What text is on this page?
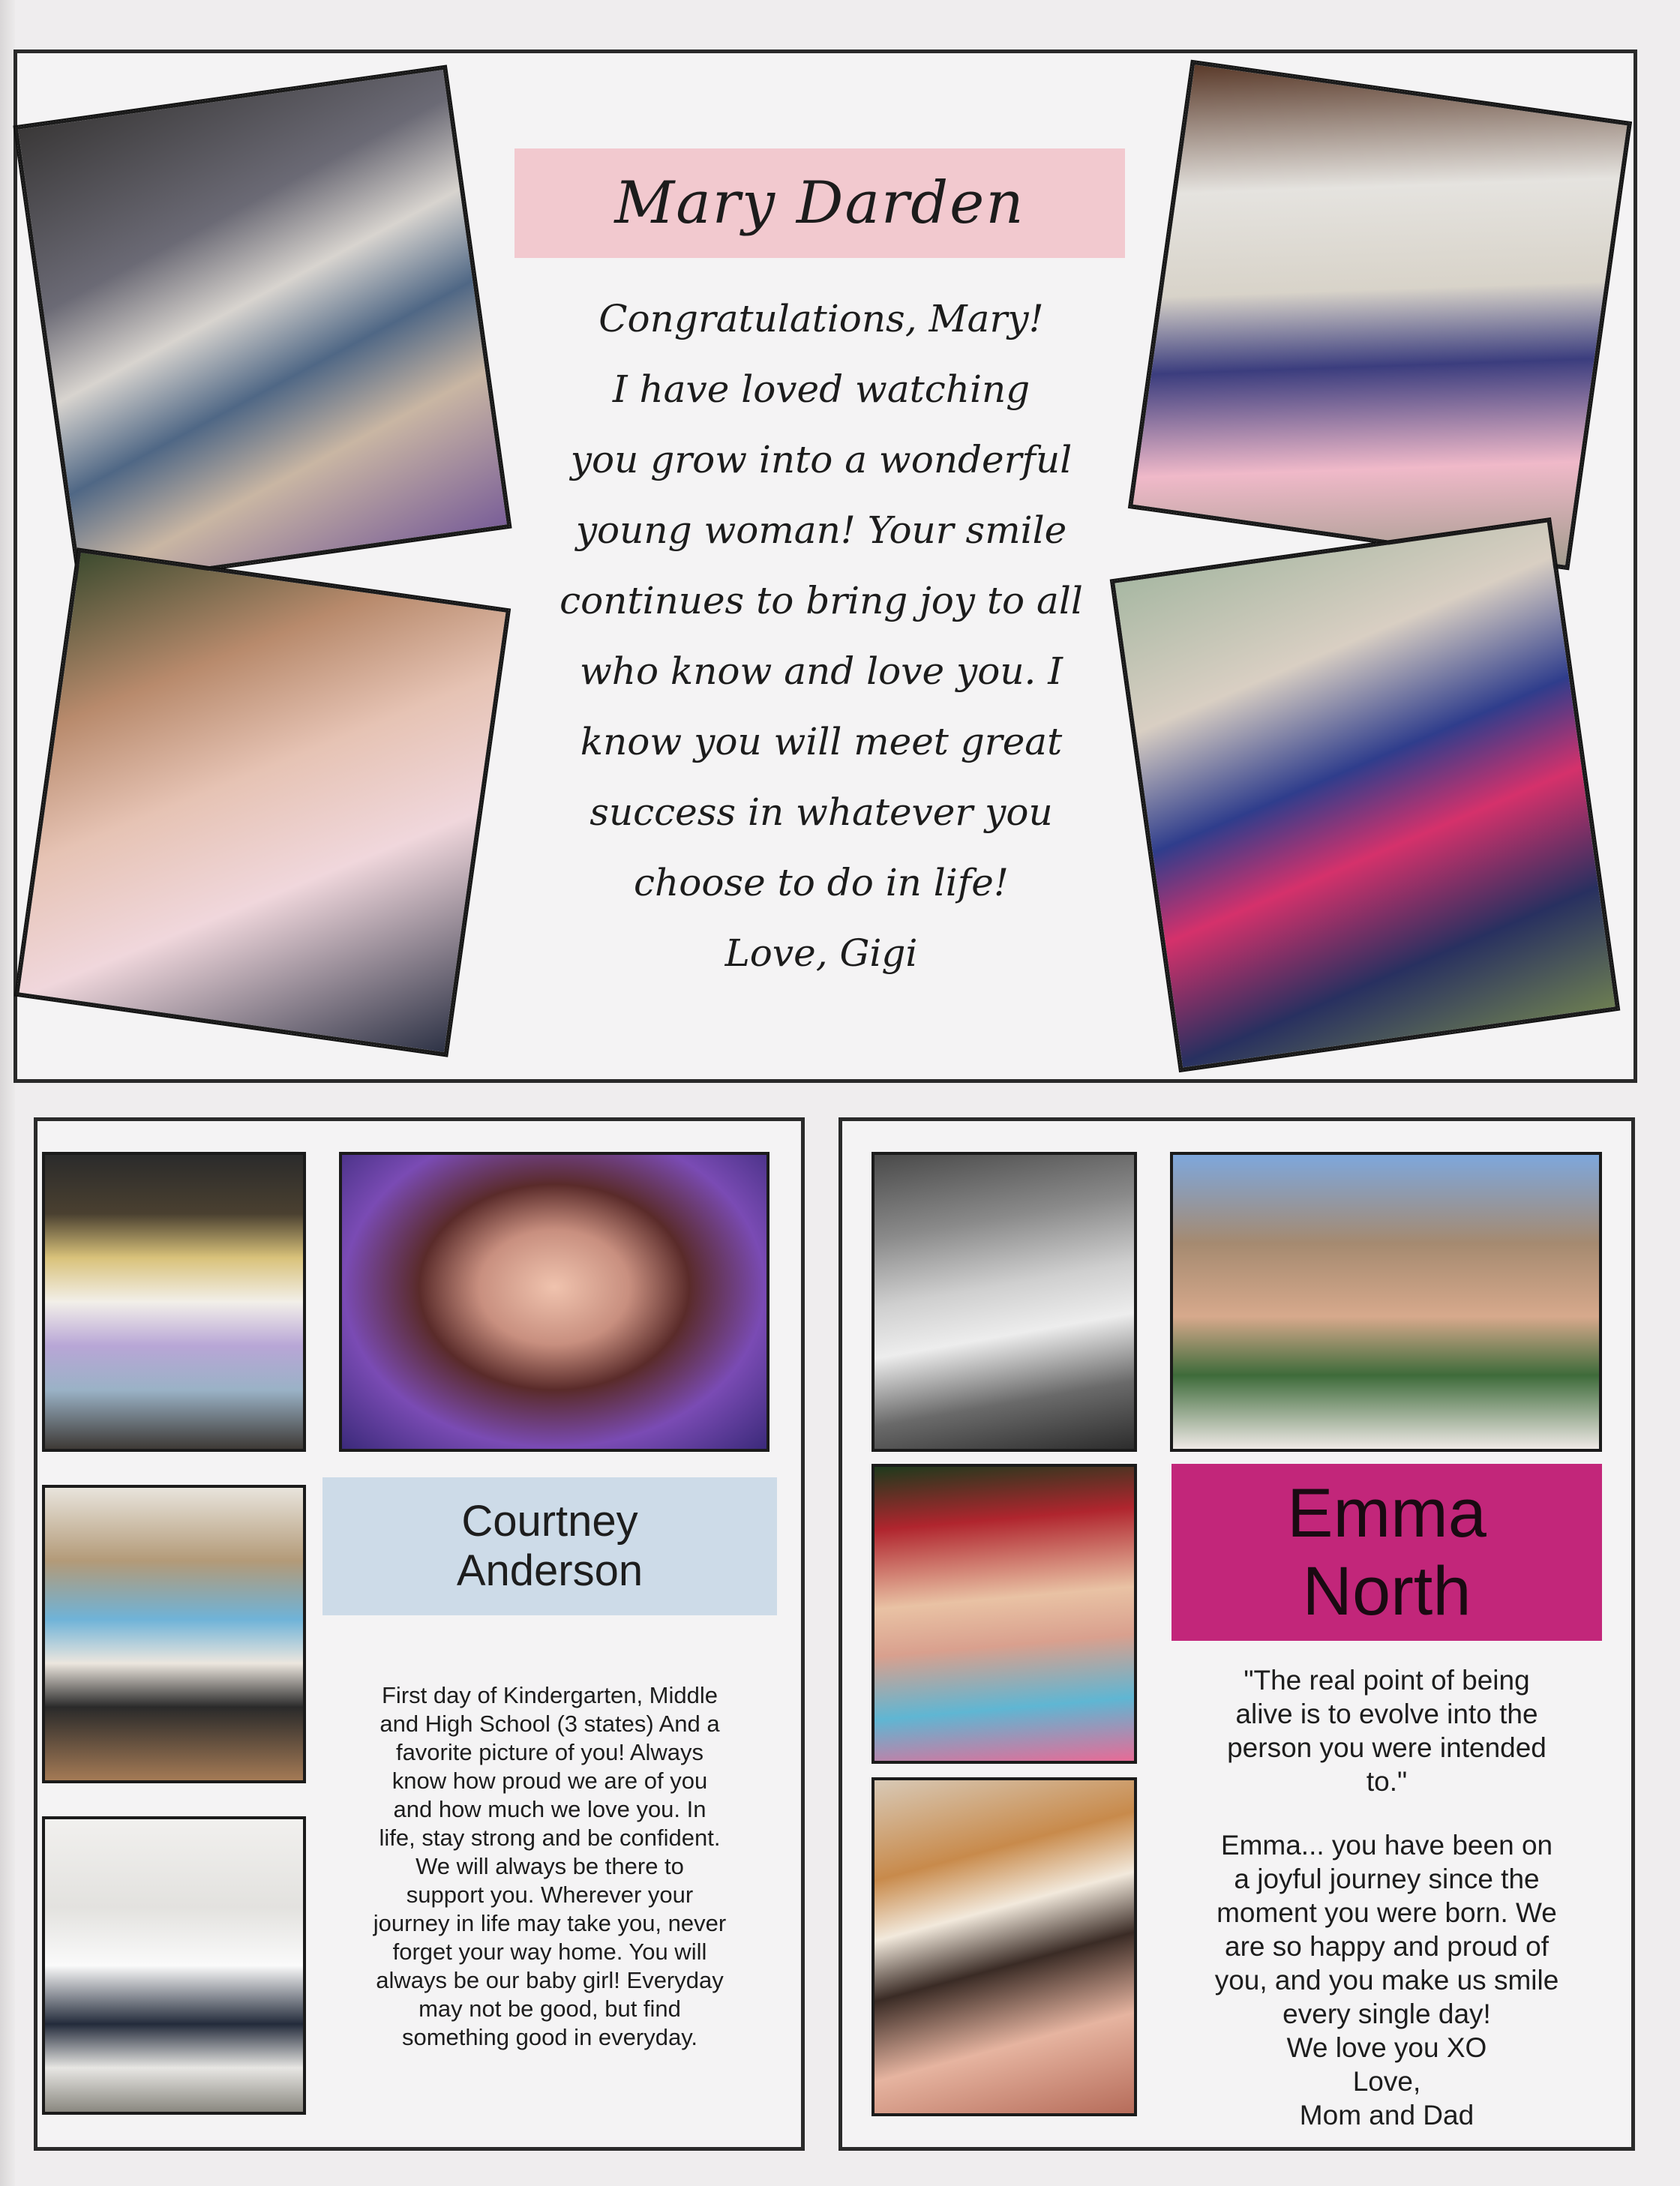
Mary Darden
Congratulations, Mary!
I have loved watching
you grow into a wonderful
young woman! Your smile
continues to bring joy to all
who know and love you. I
know you will meet great
success in whatever you
choose to do in life!
Love, Gigi
Courtney
Anderson
First day of Kindergarten, Middle
and High School (3 states) And a
favorite picture of you! Always
know how proud we are of you
and how much we love you. In
life, stay strong and be confident.
We will always be there to
support you. Wherever your
journey in life may take you, never
forget your way home. You will
always be our baby girl! Everyday
may not be good, but find
something good in everyday.
Emma
North
"The real point of being
alive is to evolve into the
person you were intended
to."
Emma... you have been on
a joyful journey since the
moment you were born. We
are so happy and proud of
you, and you make us smile
every single day!
We love you XO
Love,
Mom and Dad
